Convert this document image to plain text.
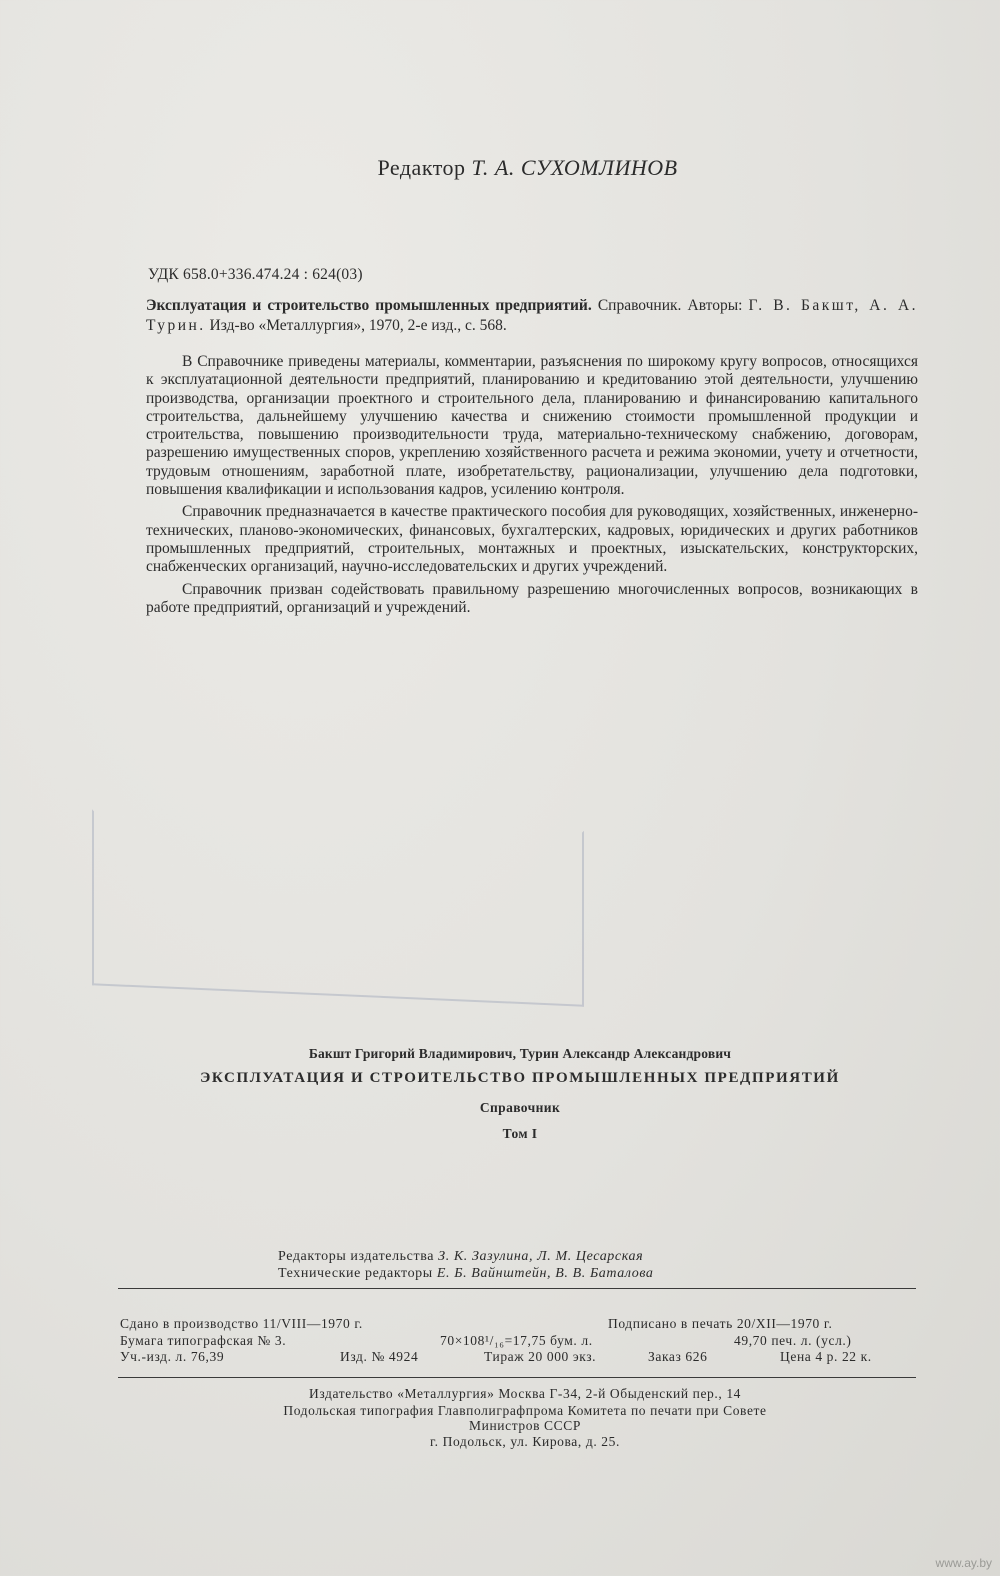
Редактор Т. А. СУХОМЛИНОВ
УДК 658.0+336.474.24 : 624(03)
Эксплуатация и строительство промышленных предприятий. Справочник. Авторы: Г. В. Бакшт, А. А. Турин. Изд-во «Металлургия», 1970, 2-е изд., с. 568.

В Справочнике приведены материалы, комментарии, разъяснения по широкому кругу вопросов, относящихся к эксплуатационной деятельности предприятий, планированию и кредитованию этой деятельности, улучшению производства, организации проектного и строительного дела, планированию и финансированию капитального строительства, дальнейшему улучшению качества и снижению стоимости промышленной продукции и строительства, повышению производительности труда, материально-техническому снабжению, договорам, разрешению имущественных споров, укреплению хозяйственного расчета и режима экономии, учету и отчетности, трудовым отношениям, заработной плате, изобретательству, рационализации, улучшению дела подготовки, повышения квалификации и использования кадров, усилению контроля.

Справочник предназначается в качестве практического пособия для руководящих, хозяйственных, инженерно-технических, планово-экономических, финансовых, бухгалтерских, кадровых, юридических и других работников промышленных предприятий, строительных, монтажных и проектных, изыскательских, конструкторских, снабженческих организаций, научно-исследовательских и других учреждений.

Справочник призван содействовать правильному разрешению многочисленных вопросов, возникающих в работе предприятий, организаций и учреждений.

Бакшт Григорий Владимирович, Турин Александр Александрович
ЭКСПЛУАТАЦИЯ И СТРОИТЕЛЬСТВО ПРОМЫШЛЕННЫХ ПРЕДПРИЯТИЙ
Справочник
Том I
Редакторы издательства З. К. Зазулина, Л. М. Цесарская
Технические редакторы Е. Б. Вайнштейн, В. В. Баталова
Сдано в производство 11/VIII—1970 г.	Подписано в печать 20/XII—1970 г.
Бумага типографская № 3.	70×108¹/₁₆=17,75 бум. л.	49,70 печ. л. (усл.)
Уч.-изд. л. 76,39	Изд. № 4924	Тираж 20 000 экз.	Заказ 626	Цена 4 р. 22 к.
Издательство «Металлургия» Москва Г-34, 2-й Обыденский пер., 14
Подольская типография Главполиграфпрома Комитета по печати при Совете
Министров СССР
г. Подольск, ул. Кирова, д. 25.
www.ay.by
